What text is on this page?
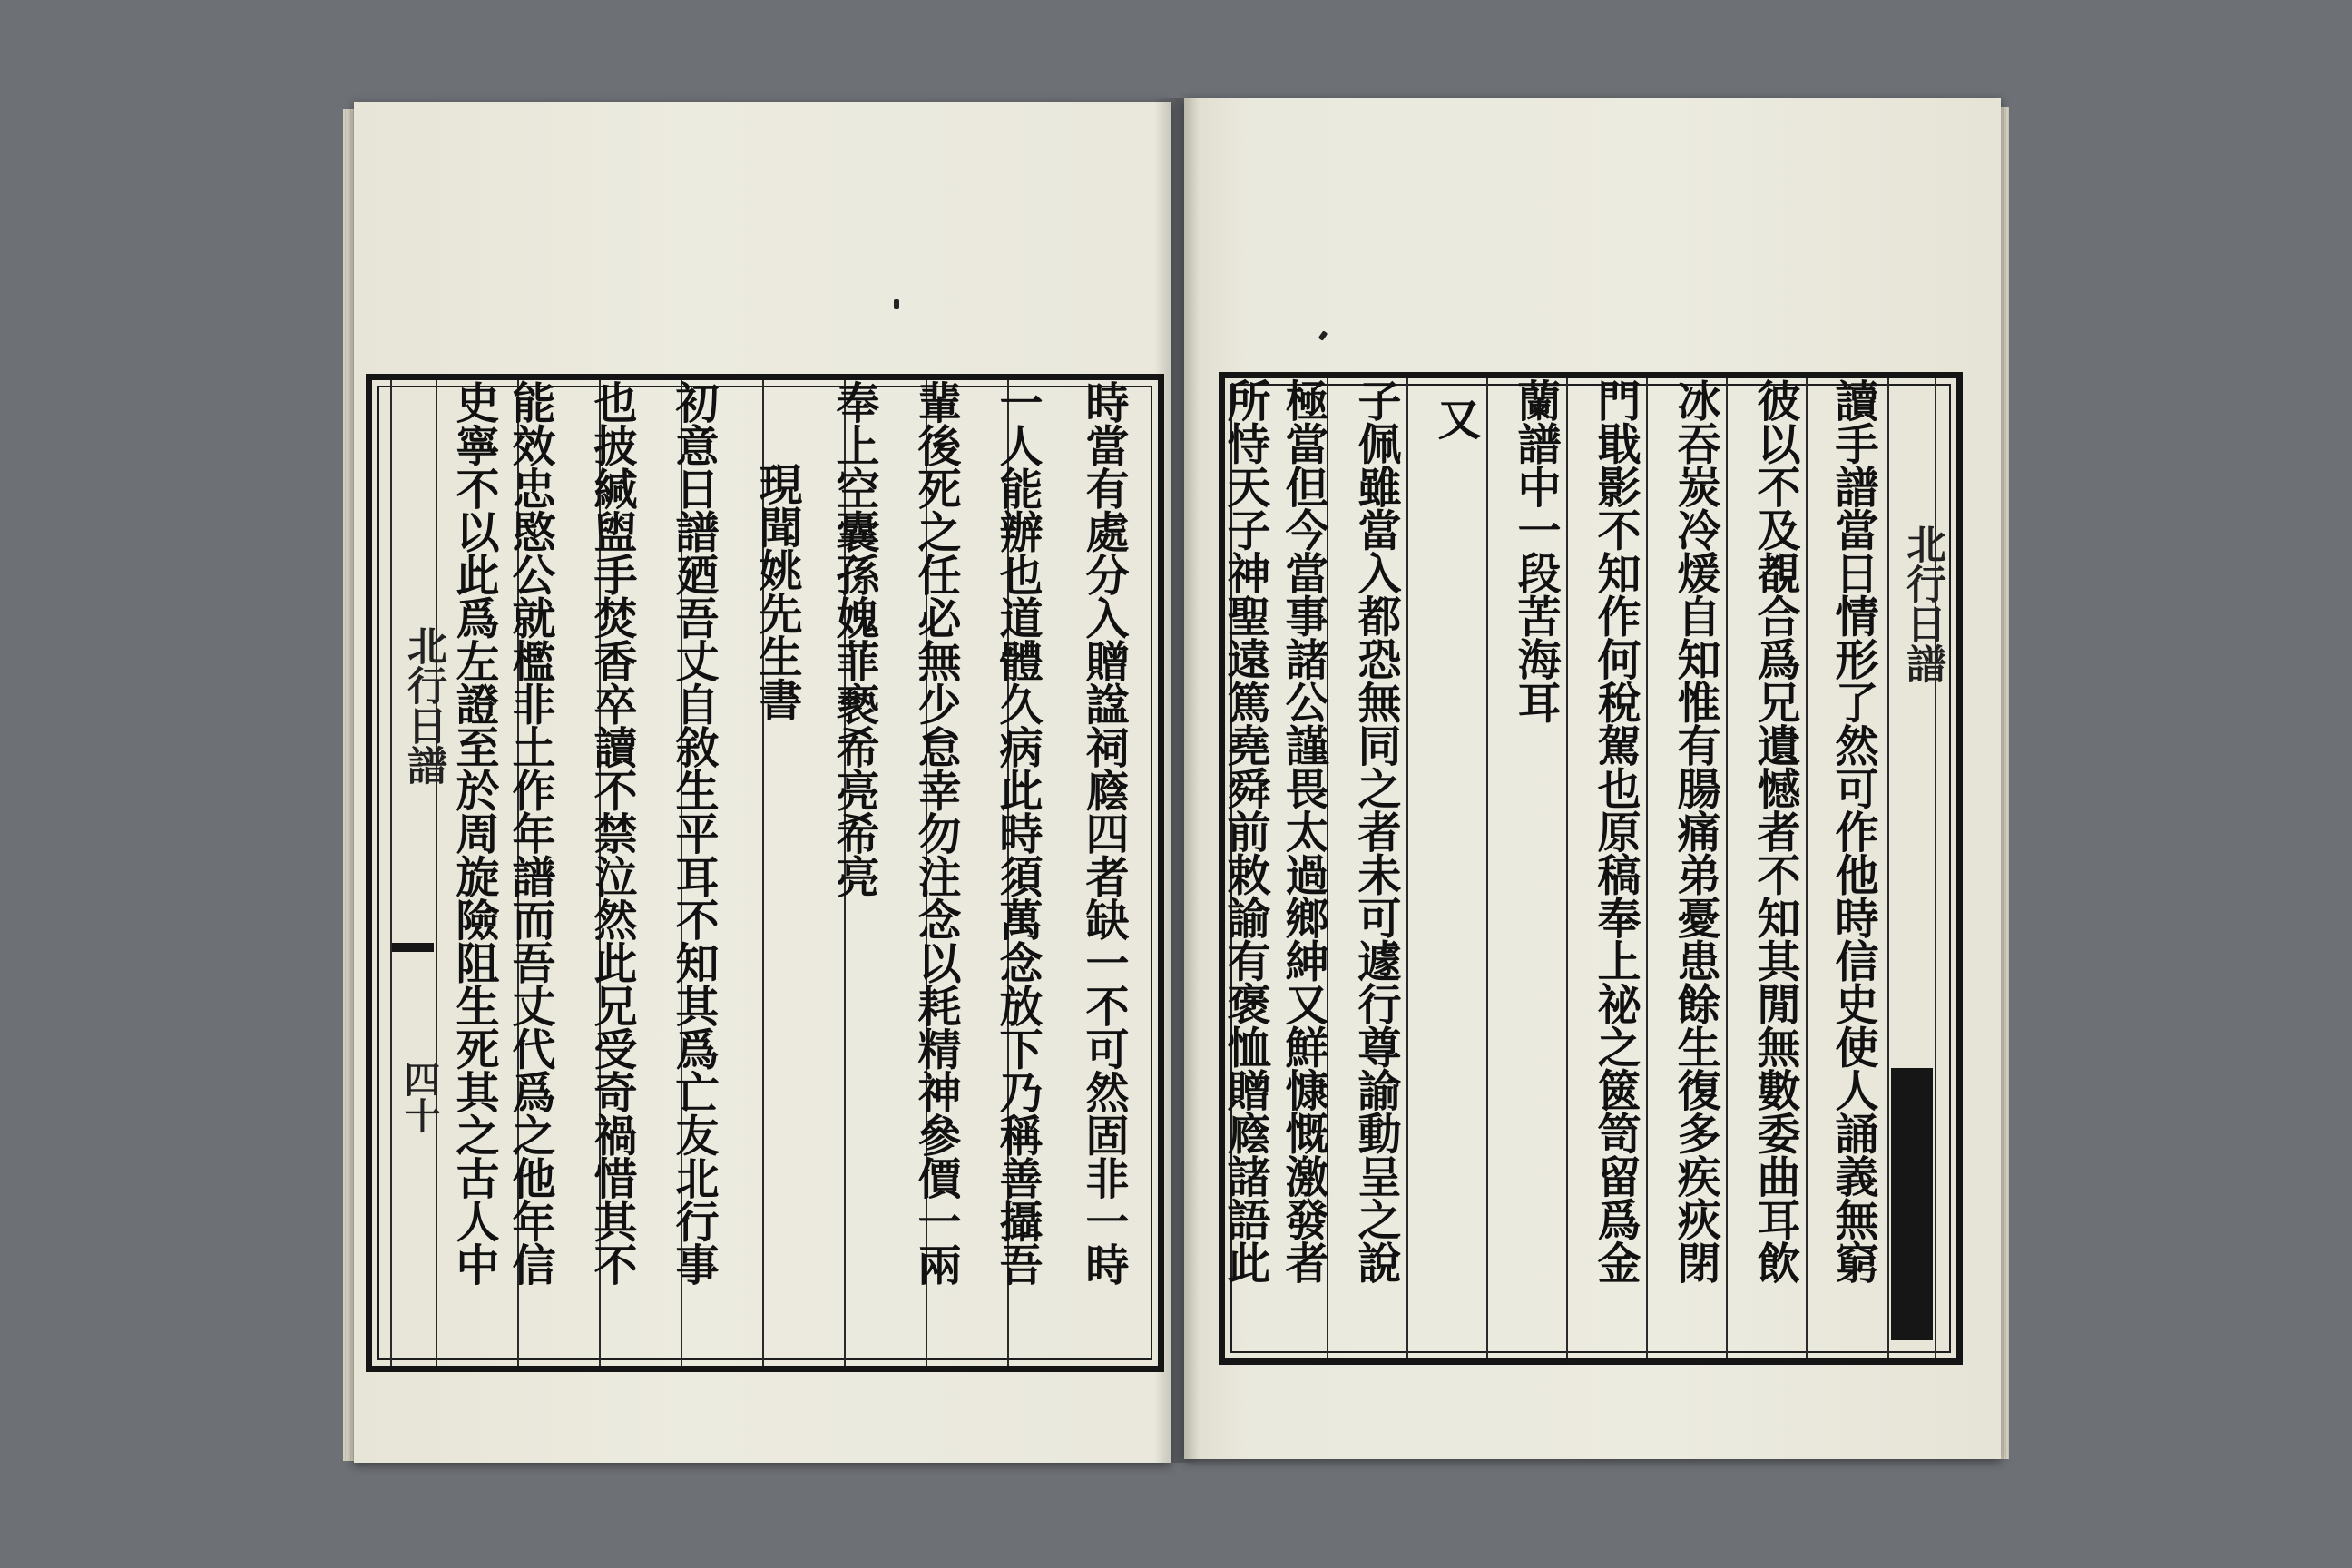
北行日譜
四十	時當有處分入贈諡祠廕四者缺一不可然固非一時
一人能辦也道體久病此時須萬念放下乃稱善攝吾
輩後死之任必無少怠幸勿注念以耗精神參價一兩
奉上空囊孫媿菲褻希亮希亮
現聞姚先生書
初意日譜廼吾丈自敘生平耳不知其爲亡友北行事
也披緘盥手焚香卒讀不禁泣然此兄受奇禍惜其不
能效忠愍公就檻非土作年譜而吾丈代爲之他年信
史寧不以此爲左證至於周旋險阻生死其之古人中	北行日譜
讀手譜當日情形了然可作他時信史使人誦義無窮
彼以不及覩合爲兄遺憾者不知其閒無數委曲耳飲
冰吞炭冷煖自知惟有腸痛弟憂患餘生復多疾疢閉
門戢影不知作何稅駕也原稿奉上祕之篋笥留爲金
蘭譜中一段苦海耳
又
子佩雖當入都恐無同之者未可遽行尊諭動呈之說
極當但今當事諸公謹畏太過鄉紳又鮮慷慨激發者
所恃天子神聖遠篤堯舜前敕諭有褒恤贈廕諸語此
